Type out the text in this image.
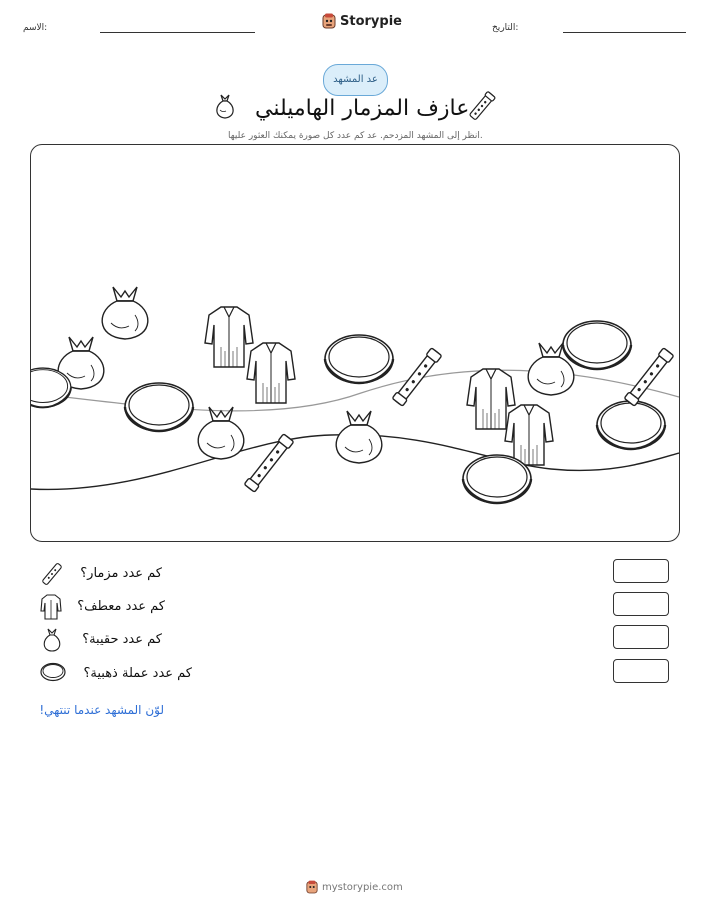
الاسم:	Storypie	التاريخ:
عد المشهد
عازف المزمار الهاميلني
انظر إلى المشهد المزدحم. عد كم عدد كل صورة يمكنك العثور عليها.
كم عدد مزمار؟
كم عدد معطف؟
كم عدد حقيبة؟
كم عدد عملة ذهبية؟
لوّن المشهد عندما تنتهي!
mystorypie.com
